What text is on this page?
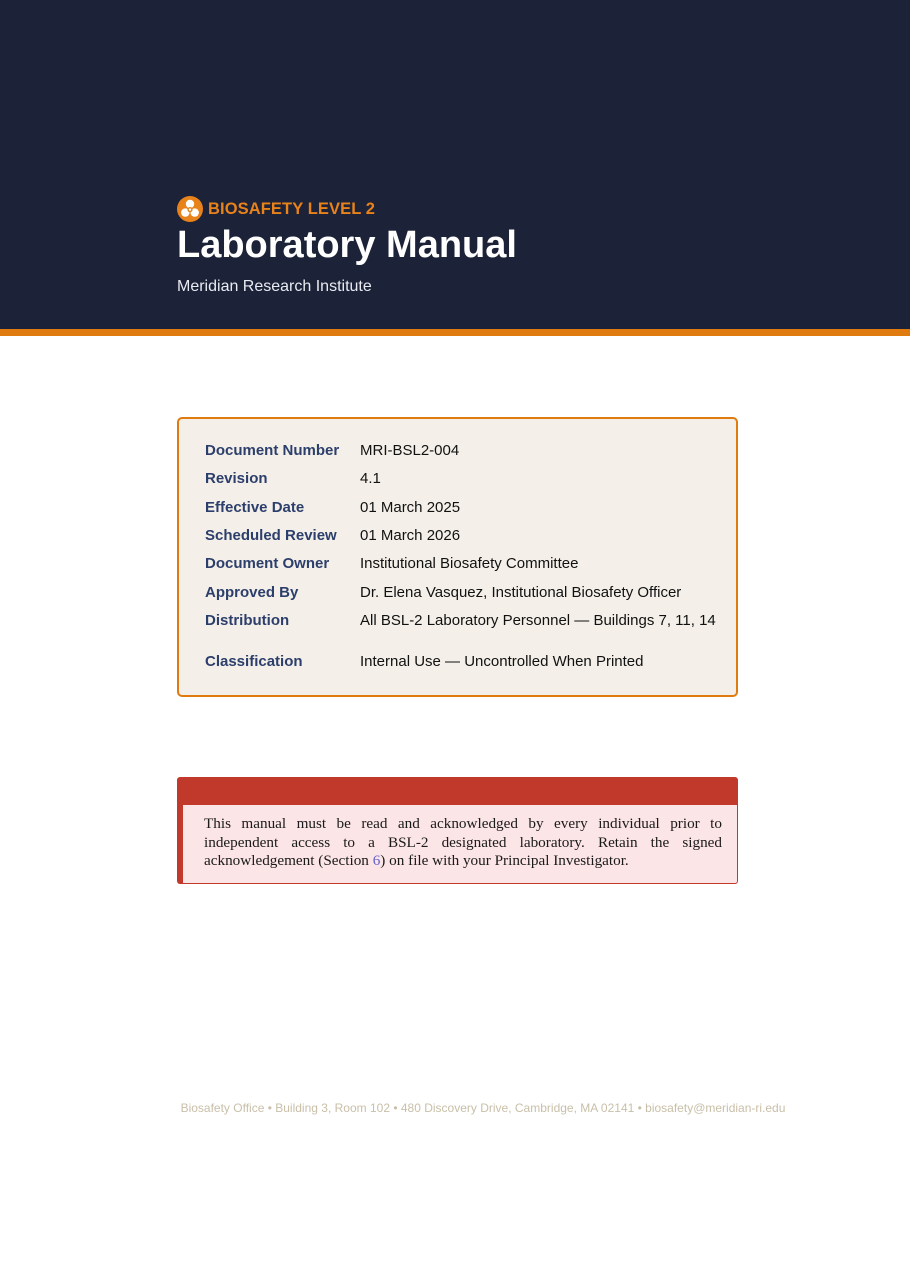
BIOSAFETY LEVEL 2
Laboratory Manual
Meridian Research Institute
Document Number	MRI-BSL2-004
Revision	4.1
Effective Date	01 March 2025
Scheduled Review	01 March 2026
Document Owner	Institutional Biosafety Committee
Approved By	Dr. Elena Vasquez, Institutional Biosafety Officer
Distribution	All BSL-2 Laboratory Personnel — Buildings 7, 11, 14
Classification	Internal Use — Uncontrolled When Printed
This manual must be read and acknowledged by every individual prior to independent access to a BSL-2 designated laboratory. Retain the signed acknowledgement (Section 6) on file with your Principal Investigator.
Biosafety Office • Building 3, Room 102 • 480 Discovery Drive, Cambridge, MA 02141 • biosafety@meridian-ri.edu
